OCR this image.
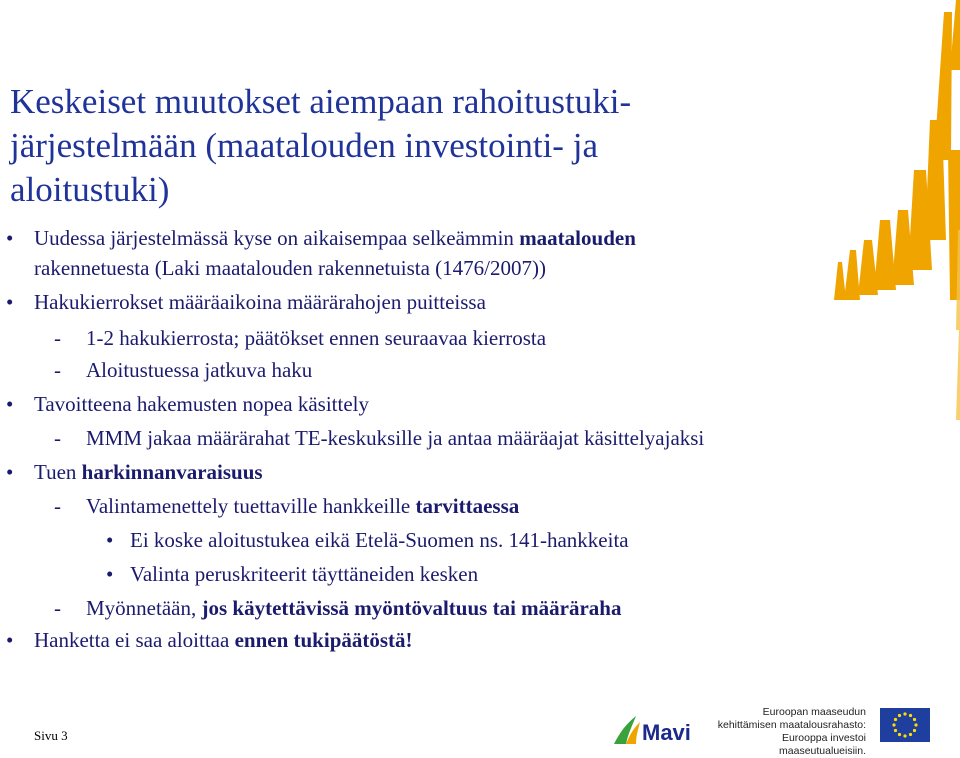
Keskeiset muutokset aiempaan rahoitustuki-
järjestelmään (maatalouden investointi- ja
aloitustuki)
• Uudessa järjestelmässä kyse on aikaisempaa selkeämmin maatalouden
rakennetuesta (Laki maatalouden rakennetuista (1476/2007))
• Hakukierrokset määräaikoina määrärahojen puitteissa
- 1-2 hakukierrosta; päätökset ennen seuraavaa kierrosta
- Aloitustuessa jatkuva haku
• Tavoitteena hakemusten nopea käsittely
- MMM jakaa määrärahat TE-keskuksille ja antaa määräajat käsittelyajaksi
• Tuen harkinnanvaraisuus
- Valintamenettely tuettaville hankkeille tarvittaessa
• Ei koske aloitustukea eikä Etelä-Suomen ns. 141-hankkeita
• Valinta peruskriteerit täyttäneiden kesken
- Myönnetään, jos käytettävissä myöntövaltuus tai määräraha
• Hanketta ei saa aloittaa ennen tukipäätöstä!
Sivu 3	Mavi
Euroopan maaseudun
kehittämisen maatalousrahasto:
Eurooppa investoi maaseutualueisiin.
